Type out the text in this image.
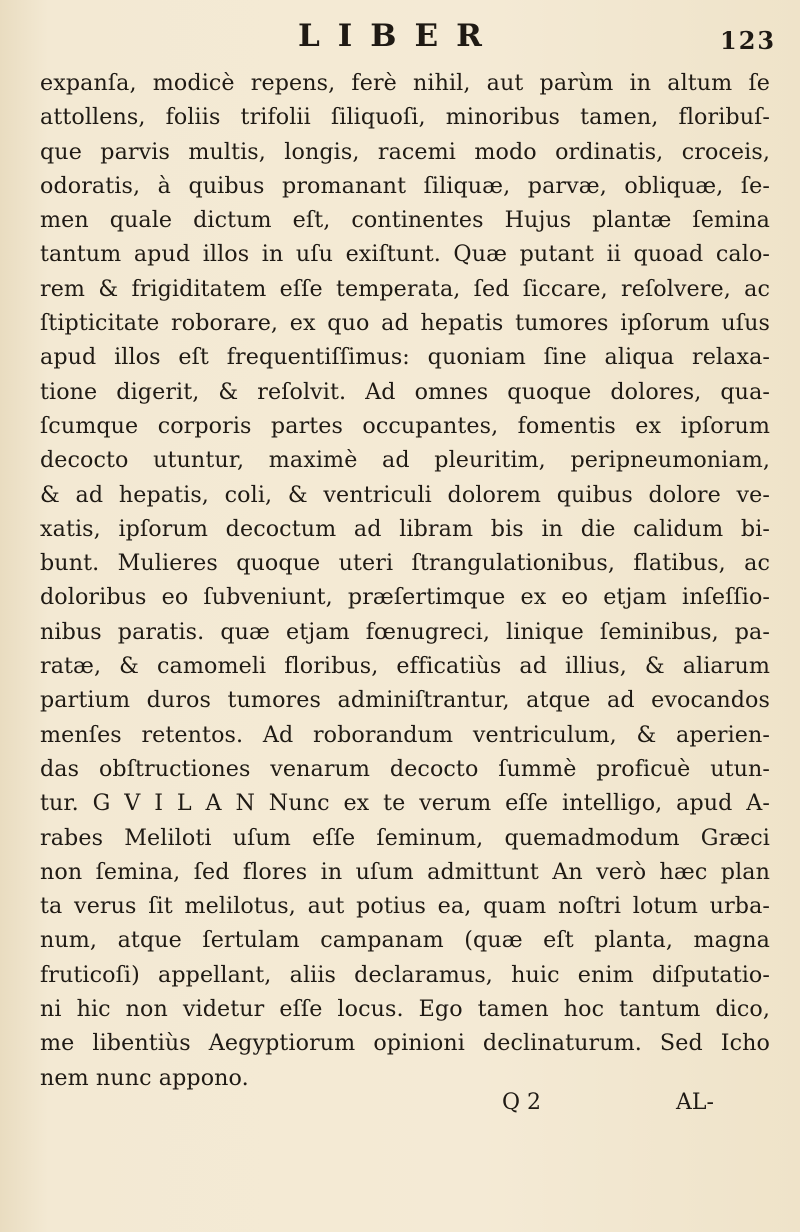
LIBER	123
expanſa, modicè repens, ferè nihil, aut parùm in altum ſe
attollens, foliis trifolii ſiliquoſi, minoribus tamen, floribuſ-
que parvis multis, longis, racemi modo ordinatis, croceis,
odoratis, à quibus promanant ſiliquæ, parvæ, obliquæ, ſe-
men quale dictum eſt, continentes Hujus plantæ ſemina
tantum apud illos in uſu exiſtunt. Quæ putant ii quoad calo-
rem & frigiditatem eſſe temperata, ſed ſiccare, reſolvere, ac
ſtipticitate roborare, ex quo ad hepatis tumores ipſorum uſus
apud illos eſt frequentiſſimus: quoniam ſine aliqua relaxa-
tione digerit, & reſolvit. Ad omnes quoque dolores, qua-
ſcumque corporis partes occupantes, fomentis ex ipſorum
decocto utuntur, maximè ad pleuritim, peripneumoniam,
& ad hepatis, coli, & ventriculi dolorem quibus dolore ve-
xatis, ipſorum decoctum ad libram bis in die calidum bi-
bunt. Mulieres quoque uteri ſtrangulationibus, flatibus, ac
doloribus eo ſubveniunt, præſertimque ex eo etjam inſeſſio-
nibus paratis. quæ etjam fœnugreci, linique ſeminibus, pa-
ratæ, & camomeli floribus, efficatiùs ad illius, & aliarum
partium duros tumores adminiſtrantur, atque ad evocandos
menſes retentos. Ad roborandum ventriculum, & aperien-
das obſtructiones venarum decocto ſummè proficuè utun-
tur. G V I L A N Nunc ex te verum eſſe intelligo, apud A-
rabes Meliloti uſum eſſe ſeminum, quemadmodum Græci
non ſemina, ſed flores in uſum admittunt An verò hæc plan
ta verus ſit melilotus, aut potius ea, quam noſtri lotum urba-
num, atque ſertulam campanam (quæ eſt planta, magna
fruticoſi) appellant, aliis declaramus, huic enim diſputatio-
ni hic non videtur eſſe locus. Ego tamen hoc tantum dico,
me libentiùs Aegyptiorum opinioni declinaturum. Sed Icho
nem nunc appono.
Q 2	AL-
